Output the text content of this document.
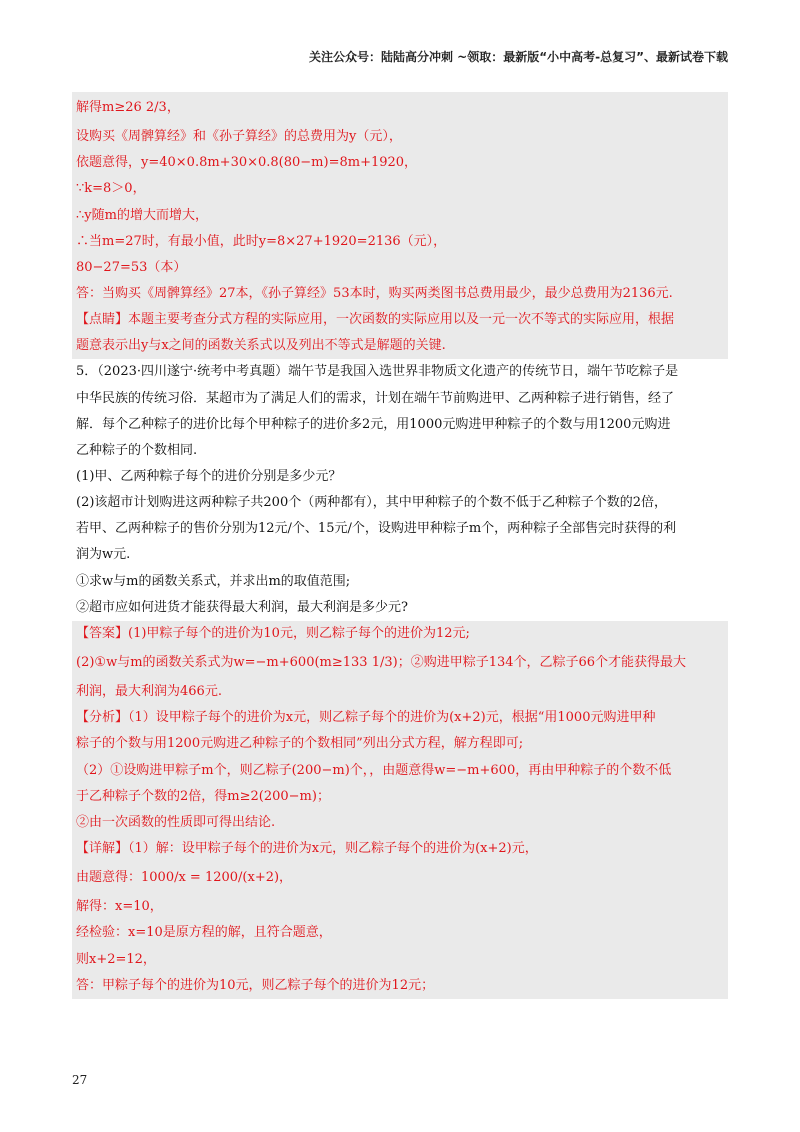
关注公众号：陆陆高分冲刺 ~领取：最新版“小中高考-总复习”、最新试卷下载
解得m≥26 2/3，
设购买《周髀算经》和《孙子算经》的总费用为y（元），
依题意得，y=40×0.8m+30×0.8(80−m)=8m+1920，
∵k=8＞0，
∴y随m的增大而增大，
∴当m=27时，有最小值，此时y=8×27+1920=2136（元），
80−27=53（本）
答：当购买《周髀算经》27本，《孙子算经》53本时，购买两类图书总费用最少，最少总费用为2136元.
【点睛】本题主要考查分式方程的实际应用，一次函数的实际应用以及一元一次不等式的实际应用，根据
题意表示出y与x之间的函数关系式以及列出不等式是解题的关键.
5．（2023·四川遂宁·统考中考真题）端午节是我国入选世界非物质文化遗产的传统节日，端午节吃粽子是
中华民族的传统习俗．某超市为了满足人们的需求，计划在端午节前购进甲、乙两种粽子进行销售，经了
解．每个乙种粽子的进价比每个甲种粽子的进价多2元，用1000元购进甲种粽子的个数与用1200元购进
乙种粽子的个数相同.
(1)甲、乙两种粽子每个的进价分别是多少元？
(2)该超市计划购进这两种粽子共200个（两种都有），其中甲种粽子的个数不低于乙种粽子个数的2倍，
若甲、乙两种粽子的售价分别为12元/个、15元/个，设购进甲种粽子m个，两种粽子全部售完时获得的利
润为w元.
①求w与m的函数关系式，并求出m的取值范围;
②超市应如何进货才能获得最大利润，最大利润是多少元?
【答案】(1)甲粽子每个的进价为10元，则乙粽子每个的进价为12元;
(2)①w与m的函数关系式为w=−m+600(m≥133 1/3)；②购进甲粽子134个，乙粽子66个才能获得最大
利润，最大利润为466元.
【分析】（1）设甲粽子每个的进价为x元，则乙粽子每个的进价为(x+2)元，根据“用1000元购进甲种
粽子的个数与用1200元购进乙种粽子的个数相同”列出分式方程，解方程即可;
（2）①设购进甲粽子m个，则乙粽子(200−m)个，，由题意得w=−m+600，再由甲种粽子的个数不低
于乙种粽子个数的2倍，得m≥2(200−m)；
②由一次函数的性质即可得出结论.
【详解】（1）解：设甲粽子每个的进价为x元，则乙粽子每个的进价为(x+2)元，
由题意得：1000/x = 1200/(x+2)，
解得：x=10，
经检验：x=10是原方程的解，且符合题意，
则x+2=12，
答：甲粽子每个的进价为10元，则乙粽子每个的进价为12元；
27
